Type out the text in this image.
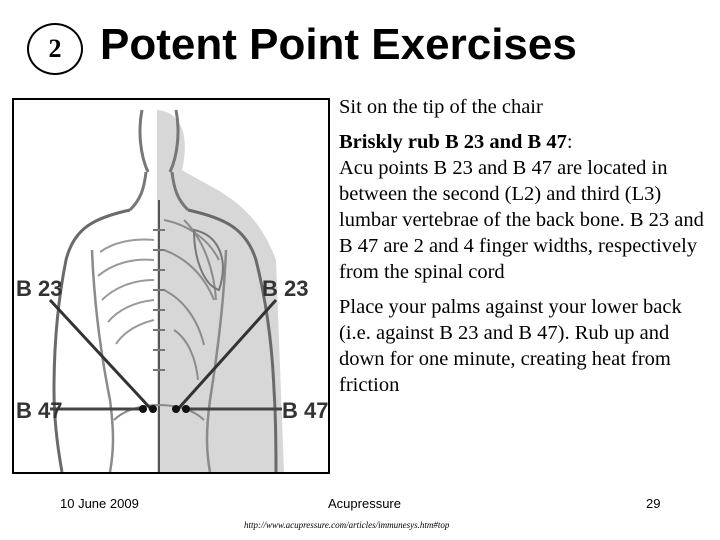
2 Potent Point Exercises
B 23	B 23
B 47	B 47

Sit on the tip of the chair

Briskly rub B 23 and B 47:
Acu points B 23 and B 47 are located in between the second (L2) and third (L3) lumbar vertebrae of the back bone. B 23 and B 47 are 2 and 4 finger widths, respectively from the spinal cord

Place your palms against your lower back (i.e. against B 23 and B 47). Rub up and down for one minute, creating heat from friction

10 June 2009	Acupressure	29
http://www.acupressure.com/articles/immunesys.htm#top
